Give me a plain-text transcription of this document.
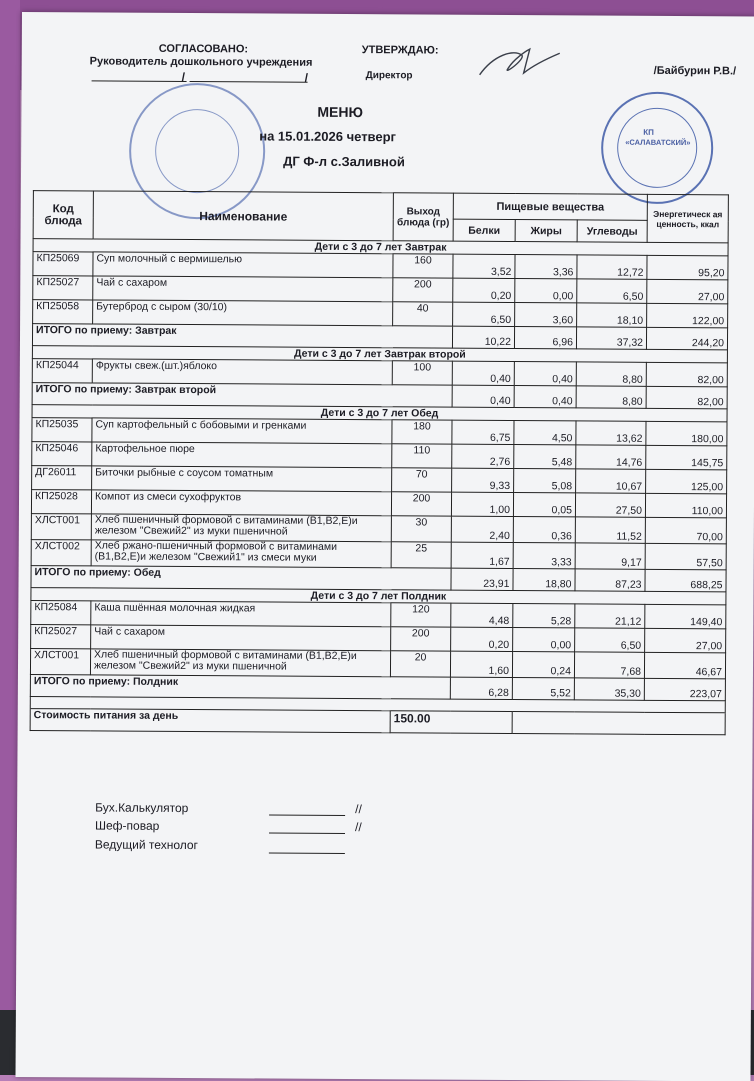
СОГЛАСОВАНО:
Руководитель дошкольного учреждения
/	/
УТВЕРЖДАЮ:
Директор	/Байбурин Р.В./
КП
«САЛАВАТСКИЙ»
МЕНЮ
на 15.01.2026 четверг
ДГ Ф-л с.Заливной
Код блюда	Наименование	Выход блюда (гр)	Пищевые вещества			Энергетическ ая ценность, ккал
			Белки	Жиры	Углеводы	
Дети с 3 до 7 лет Завтрак						
КП25069	Суп молочный с вермишелью	160	3,52	3,36	12,72	95,20
КП25027	Чай с сахаром	200	0,20	0,00	6,50	27,00
КП25058	Бутерброд с сыром (30/10)	40	6,50	3,60	18,10	122,00
ИТОГО по приему: Завтрак			10,22	6,96	37,32	244,20
Дети с 3 до 7 лет Завтрак второй						
КП25044	Фрукты свеж.(шт.)яблоко	100	0,40	0,40	8,80	82,00
ИТОГО по приему: Завтрак второй			0,40	0,40	8,80	82,00
Дети с 3 до 7 лет Обед						
КП25035	Суп картофельный с бобовыми и гренками	180	6,75	4,50	13,62	180,00
КП25046	Картофельное пюре	110	2,76	5,48	14,76	145,75
ДГ26011	Биточки рыбные с соусом томатным	70	9,33	5,08	10,67	125,00
КП25028	Компот из смеси сухофруктов	200	1,00	0,05	27,50	110,00
ХЛСТ001	Хлеб пшеничный формовой с витаминами (В1,В2,Е)и железом "Свежий2" из муки пшеничной	30	2,40	0,36	11,52	70,00
ХЛСТ002	Хлеб ржано-пшеничный формовой с витаминами (В1,В2,Е)и железом "Свежий1" из смеси муки	25	1,67	3,33	9,17	57,50
ИТОГО по приему: Обед			23,91	18,80	87,23	688,25
Дети с 3 до 7 лет Полдник						
КП25084	Каша пшённая молочная жидкая	120	4,48	5,28	21,12	149,40
КП25027	Чай с сахаром	200	0,20	0,00	6,50	27,00
ХЛСТ001	Хлеб пшеничный формовой с витаминами (В1,В2,Е)и железом "Свежий2" из муки пшеничной	20	1,60	0,24	7,68	46,67
ИТОГО по приему: Полдник			6,28	5,52	35,30	223,07

Стоимость питания за день		150.00				
Бух.Калькулятор	//
Шеф-повар	//
Ведущий технолог
